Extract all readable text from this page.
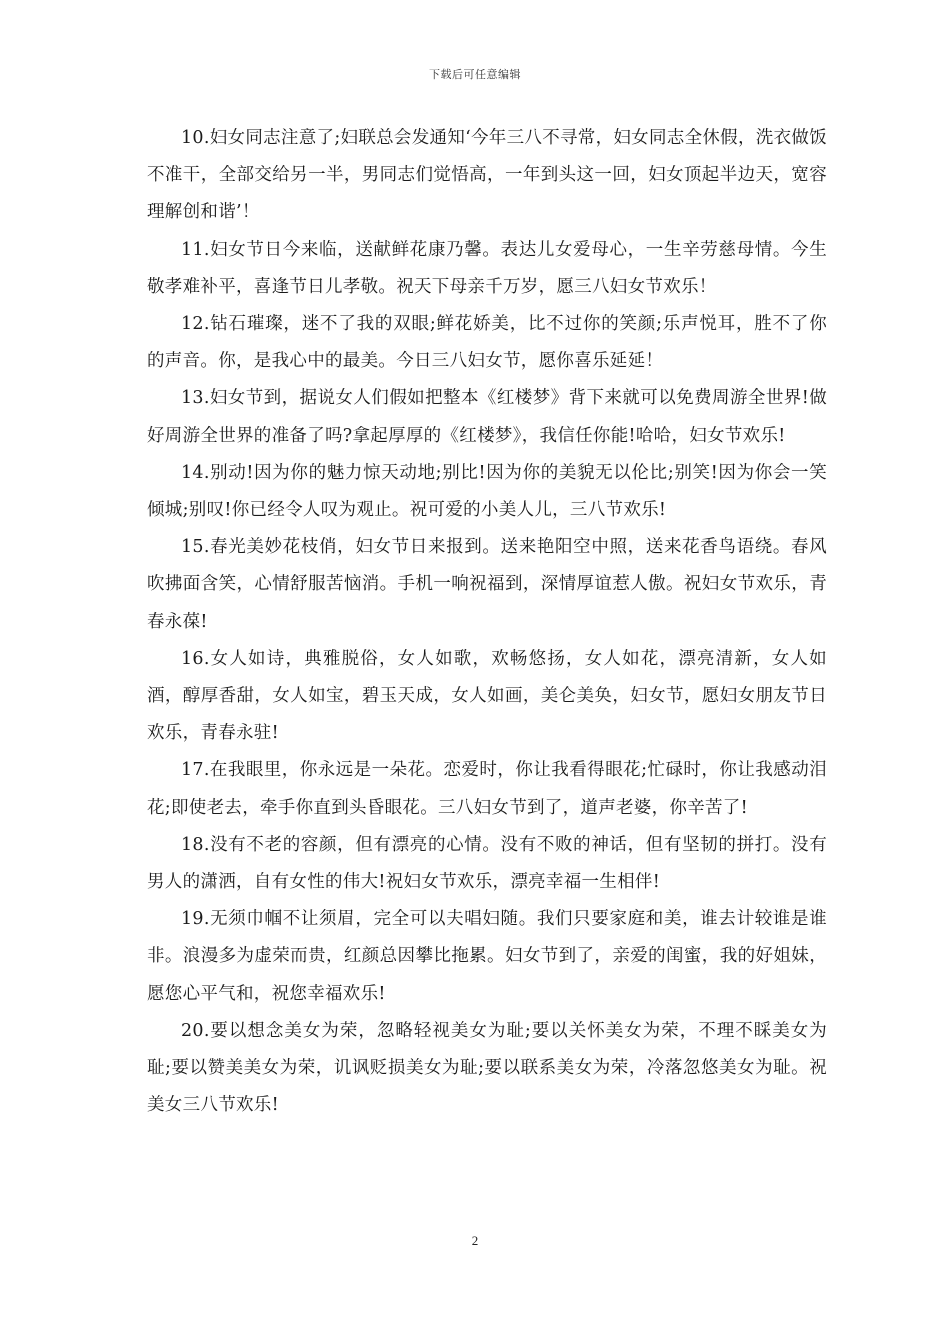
下载后可任意编辑

10.妇女同志注意了;妇联总会发通知‘今年三八不寻常，妇女同志全休假，洗衣做饭不准干，全部交给另一半，男同志们觉悟高，一年到头这一回，妇女顶起半边天，宽容理解创和谐’！

11.妇女节日今来临，送献鲜花康乃馨。表达儿女爱母心，一生辛劳慈母情。今生敬孝难补平，喜逢节日儿孝敬。祝天下母亲千万岁，愿三八妇女节欢乐！

12.钻石璀璨，迷不了我的双眼;鲜花娇美，比不过你的笑颜;乐声悦耳，胜不了你的声音。你，是我心中的最美。今日三八妇女节，愿你喜乐延延！

13.妇女节到，据说女人们假如把整本《红楼梦》背下来就可以免费周游全世界!做好周游全世界的准备了吗?拿起厚厚的《红楼梦》，我信任你能!哈哈，妇女节欢乐!

14.别动!因为你的魅力惊天动地;别比!因为你的美貌无以伦比;别笑!因为你会一笑倾城;别叹!你已经令人叹为观止。祝可爱的小美人儿，三八节欢乐!

15.春光美妙花枝俏，妇女节日来报到。送来艳阳空中照，送来花香鸟语绕。春风吹拂面含笑，心情舒服苦恼消。手机一响祝福到，深情厚谊惹人傲。祝妇女节欢乐，青春永葆!

16.女人如诗，典雅脱俗，女人如歌，欢畅悠扬，女人如花，漂亮清新，女人如酒，醇厚香甜，女人如宝，碧玉天成，女人如画，美仑美奂，妇女节，愿妇女朋友节日欢乐，青春永驻!

17.在我眼里，你永远是一朵花。恋爱时，你让我看得眼花;忙碌时，你让我感动泪花;即使老去，牵手你直到头昏眼花。三八妇女节到了，道声老婆，你辛苦了!

18.没有不老的容颜，但有漂亮的心情。没有不败的神话，但有坚韧的拼打。没有男人的潇洒，自有女性的伟大!祝妇女节欢乐，漂亮幸福一生相伴!

19.无须巾帼不让须眉，完全可以夫唱妇随。我们只要家庭和美，谁去计较谁是谁非。浪漫多为虚荣而贵，红颜总因攀比拖累。妇女节到了，亲爱的闺蜜，我的好姐妹，愿您心平气和，祝您幸福欢乐!

20.要以想念美女为荣，忽略轻视美女为耻;要以关怀美女为荣，不理不睬美女为耻;要以赞美美女为荣，讥讽贬损美女为耻;要以联系美女为荣，冷落忽悠美女为耻。祝美女三八节欢乐!

2
